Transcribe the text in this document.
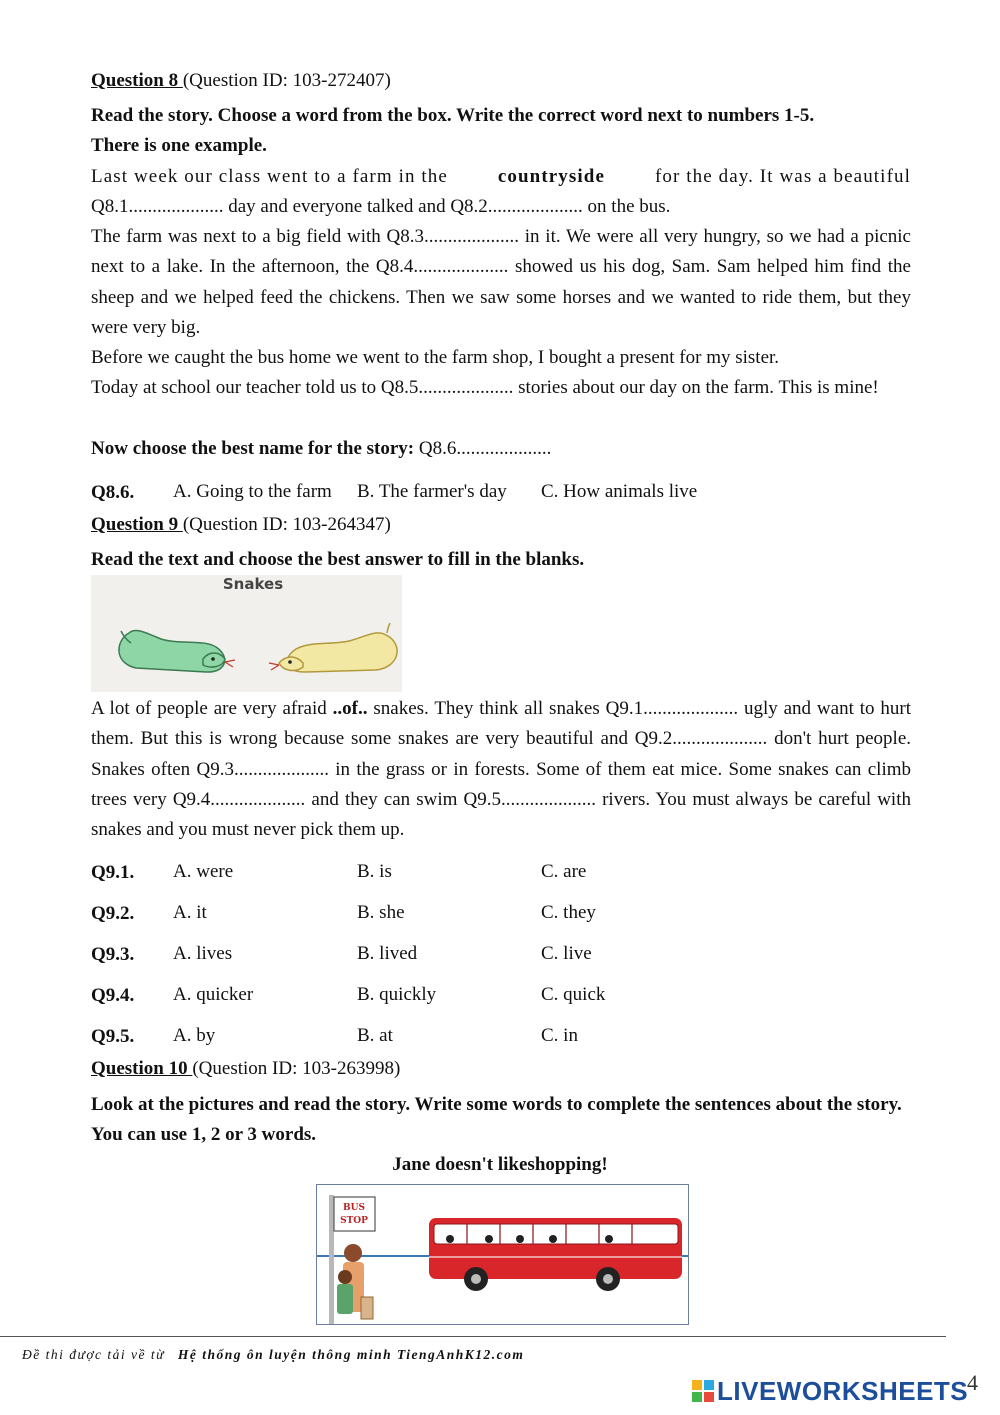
Question 8 (Question ID: 103-272407)
Read the story. Choose a word from the box. Write the correct word next to numbers 1-5.
There is one example.
Last week our class went to a farm in the	countryside	for the day. It was a beautiful
Q8.1.................... day and everyone talked and Q8.2.................... on the bus.
The farm was next to a big field with Q8.3.................... in it. We were all very hungry, so we had a picnic next to a lake. In the afternoon, the Q8.4.................... showed us his dog, Sam. Sam helped him find the sheep and we helped feed the chickens. Then we saw some horses and we wanted to ride them, but they were very big.
Before we caught the bus home we went to the farm shop, I bought a present for my sister.
Today at school our teacher told us to Q8.5.................... stories about our day on the farm. This is mine!
Now choose the best name for the story: Q8.6....................
Q8.6. A. Going to the farm B. The farmer's day C. How animals live
Question 9 (Question ID: 103-264347)
Read the text and choose the best answer to fill in the blanks.
Snakes
A lot of people are very afraid ..of.. snakes. They think all snakes Q9.1.................... ugly and want to hurt them. But this is wrong because some snakes are very beautiful and Q9.2.................... don't hurt people. Snakes often Q9.3.................... in the grass or in forests. Some of them eat mice. Some snakes can climb trees very Q9.4.................... and they can swim Q9.5.................... rivers. You must always be careful with snakes and you must never pick them up.
Q9.1. A. were	B. is	C. are
Q9.2. A. it	B. she	C. they
Q9.3. A. lives	B. lived	C. live
Q9.4. A. quicker	B. quickly	C. quick
Q9.5. A. by	B. at	C. in
Question 10 (Question ID: 103-263998)
Look at the pictures and read the story. Write some words to complete the sentences about the story. You can use 1, 2 or 3 words.
Jane doesn't likeshopping!
BUS
STOP
Đề thi được tải về từ Hệ thống ôn luyện thông minh TiengAnhK12.com
LIVEWORKSHEETS
4
